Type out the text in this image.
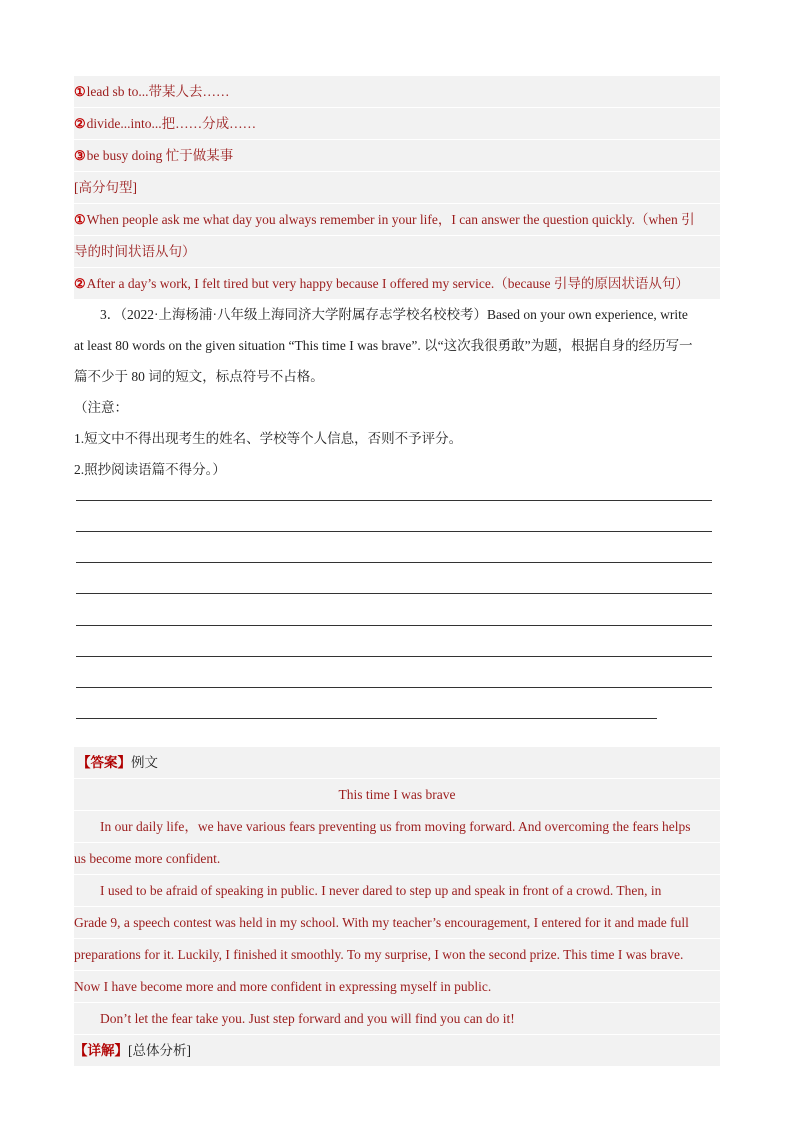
①lead sb to...带某人去……
②divide...into...把……分成……
③be busy doing 忙于做某事
[高分句型]
①When people ask me what day you always remember in your life，I can answer the question quickly.（when 引
导的时间状语从句）
②After a day’s work, I felt tired but very happy because I offered my service.（because 引导的原因状语从句）
3．（2022·上海杨浦·八年级上海同济大学附属存志学校名校校考）Based on your own experience, write
at least 80 words on the given situation “This time I was brave”. 以“这次我很勇敢”为题，根据自身的经历写一
篇不少于 80 词的短文，标点符号不占格。
（注意：
1.短文中不得出现考生的姓名、学校等个人信息，否则不予评分。
2.照抄阅读语篇不得分。）
【答案】例文
This time I was brave
In our daily life，we have various fears preventing us from moving forward. And overcoming the fears helps
us become more confident.
I used to be afraid of speaking in public. I never dared to step up and speak in front of a crowd. Then, in
Grade 9, a speech contest was held in my school. With my teacher’s encouragement, I entered for it and made full
preparations for it. Luckily, I finished it smoothly. To my surprise, I won the second prize. This time I was brave.
Now I have become more and more confident in expressing myself in public.
Don’t let the fear take you. Just step forward and you will find you can do it!
【详解】[总体分析]
